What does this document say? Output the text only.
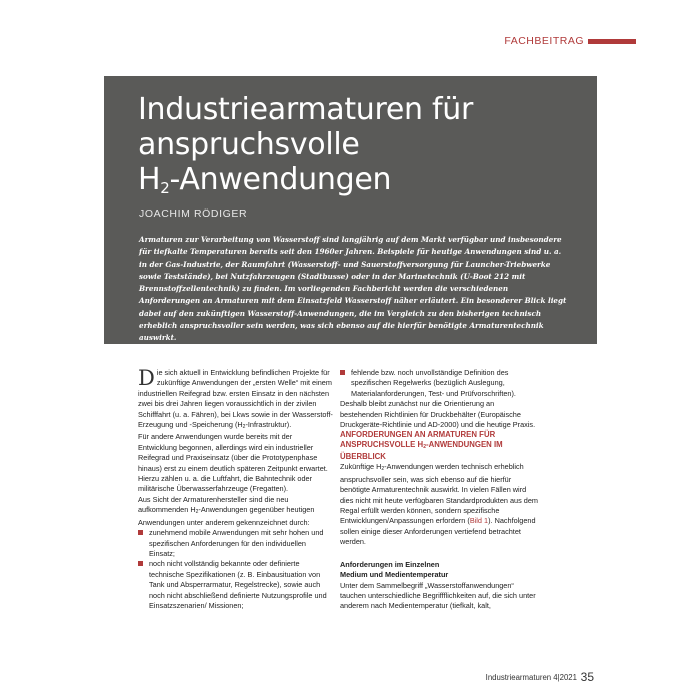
FACHBEITRAG
Industriearmaturen für
anspruchsvolle
$H_2$-Anwendungen
JOACHIM RÖDIGER

Armaturen zur Verarbeitung von Wasserstoff sind langjährig auf dem Markt verfügbar und insbesondere für tiefkalte Temperaturen bereits seit den 1960er Jahren. Beispiele für heutige Anwendungen sind u. a. in der Gas-Industrie, der Raumfahrt (Wasserstoff- und Sauerstoffversorgung für Launcher-Triebwerke sowie Teststände), bei Nutzfahrzeugen (Stadtbusse) oder in der Marinetechnik (U-Boot 212 mit Brennstoffzellentechnik) zu finden. Im vorliegenden Fachbericht werden die verschiedenen Anforderungen an Armaturen mit dem Einsatzfeld Wasserstoff näher erläutert. Ein besonderer Blick liegt dabei auf den zukünftigen Wasserstoff-Anwendungen, die im Vergleich zu den bisherigen technisch erheblich anspruchsvoller sein werden, was sich ebenso auf die hierfür benötigte Armaturentechnik auswirkt.

Die sich aktuell in Entwicklung befindlichen Projekte für zukünftige Anwendungen der „ersten Welle“ mit einem industriellen Reifegrad bzw. ersten Einsatz in den nächsten zwei bis drei Jahren liegen voraussichtlich in der zivilen Schifffahrt (u. a. Fähren), bei Lkws sowie in der Wasserstoff-Erzeugung und -Speicherung $(H_2-Infrastruktur)$.

Für andere Anwendungen wurde bereits mit der Entwicklung begonnen, allerdings wird ein industrieller Reifegrad und Praxiseinsatz (über die Prototypenphase hinaus) erst zu einem deutlich späteren Zeitpunkt erwartet. Hierzu zählen u. a. die Luftfahrt, die Bahntechnik oder militärische Überwasserfahrzeuge (Fregatten).

Aus Sicht der Armaturenhersteller sind die neu aufkommenden $H_2$-Anwendungen gegenüber heutigen Anwendungen unter anderem gekennzeichnet durch:

zunehmend mobile Anwendungen mit sehr hohen und spezifischen Anforderungen für den individuellen Einsatz;
noch nicht vollständig bekannte oder definierte technische Spezifikationen (z. B. Einbausituation von Tank und Absperrarmatur, Regelstrecke), sowie auch noch nicht abschließend definierte Nutzungsprofile und Einsatzszenarien/ Missionen;
fehlende bzw. noch unvollständige Definition des spezifischen Regelwerks (bezüglich Auslegung, Materialanforderungen, Test- und Prüfvorschriften).

Deshalb bleibt zunächst nur die Orientierung an bestehenden Richtlinien für Druckbehälter (Europäische Druckgeräte-Richtlinie und AD-2000) und die heutige Praxis.

ANFORDERUNGEN AN ARMATUREN FÜR ANSPRUCHSVOLLE $H_2$-ANWENDUNGEN IM ÜBERBLICK

Zukünftige $H_2$-Anwendungen werden technisch erheblich anspruchsvoller sein, was sich ebenso auf die hierfür benötigte Armaturentechnik auswirkt. In vielen Fällen wird dies nicht mit heute verfügbaren Standardprodukten aus dem Regal erfüllt werden können, sondern spezifische Entwicklungen/Anpassungen erfordern (Bild 1). Nachfolgend sollen einige dieser Anforderungen vertiefend betrachtet werden.

Anforderungen im Einzelnen

Medium und Medientemperatur

Unter dem Sammelbegriff „Wasserstoffanwendungen“ tauchen unterschiedliche Begriffflichkeiten auf, die sich unter anderem nach Medientemperatur (tiefkalt, kalt,

Industriearmaturen 4|2021 35
